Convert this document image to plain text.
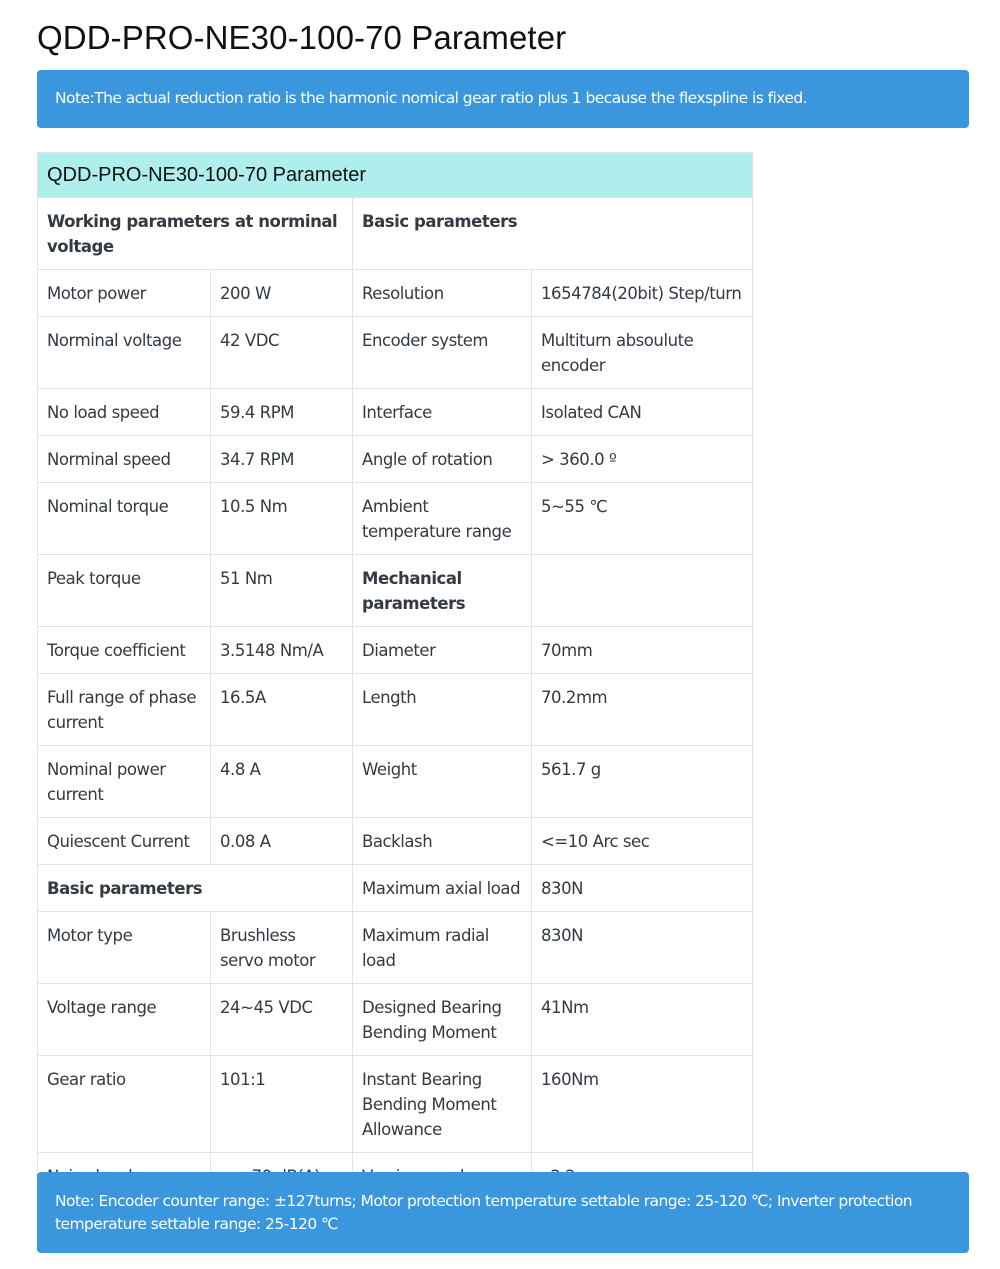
QDD-PRO-NE30-100-70 Parameter
Note:The actual reduction ratio is the harmonic nomical gear ratio plus 1 because the flexspline is fixed.
QDD-PRO-NE30-100-70 Parameter			
Working parameters at norminal voltage		Basic parameters	
Motor power	200 W	Resolution	1654784(20bit) Step/turn
Norminal voltage	42 VDC	Encoder system	Multiturn absoulute encoder
No load speed	59.4 RPM	Interface	Isolated CAN
Norminal speed	34.7 RPM	Angle of rotation	> 360.0 º
Nominal torque	10.5 Nm	Ambient temperature range	5~55 ℃
Peak torque	51 Nm	Mechanical parameters	
Torque coefficient	3.5148 Nm/A	Diameter	70mm
Full range of phase current	16.5A	Length	70.2mm
Nominal power current	4.8 A	Weight	561.7 g
Quiescent Current	0.08 A	Backlash	<=10 Arc sec
Basic parameters		Maximum axial load	830N
Motor type	Brushless servo motor	Maximum radial load	830N
Voltage range	24~45 VDC	Designed Bearing Bending Moment	41Nm
Gear ratio	101:1	Instant Bearing Bending Moment Allowance	160Nm

Note: Encoder counter range: ±127turns; Motor protection temperature settable range: 25-120 ℃; Inverter protection temperature settable range: 25-120 ℃
